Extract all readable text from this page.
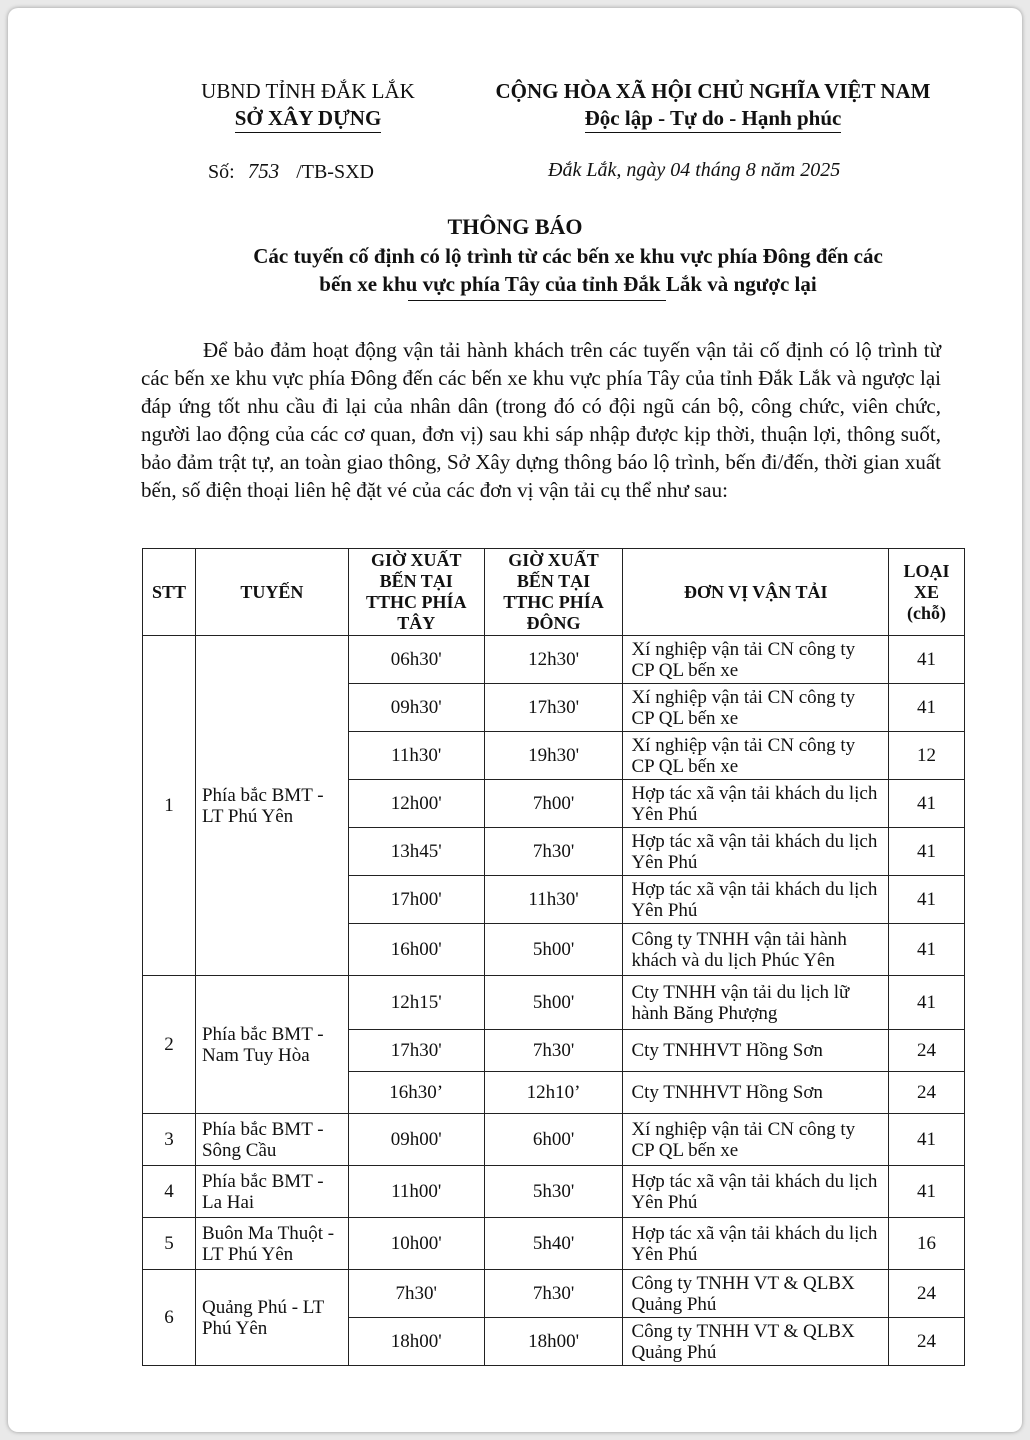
UBND TỈNH ĐẮK LẮK
SỞ XÂY DỰNG
CỘNG HÒA XÃ HỘI CHỦ NGHĨA VIỆT NAM
Độc lập - Tự do - Hạnh phúc
Số: 753 /TB-SXD	Đắk Lắk, ngày 04 tháng 8 năm 2025
THÔNG BÁO
Các tuyến cố định có lộ trình từ các bến xe khu vực phía Đông đến các
bến xe khu vực phía Tây của tỉnh Đắk Lắk và ngược lại
Để bảo đảm hoạt động vận tải hành khách trên các tuyến vận tải cố định có lộ trình từ các bến xe khu vực phía Đông đến các bến xe khu vực phía Tây của tỉnh Đắk Lắk và ngược lại đáp ứng tốt nhu cầu đi lại của nhân dân (trong đó có đội ngũ cán bộ, công chức, viên chức, người lao động của các cơ quan, đơn vị) sau khi sáp nhập được kịp thời, thuận lợi, thông suốt, bảo đảm trật tự, an toàn giao thông, Sở Xây dựng thông báo lộ trình, bến đi/đến, thời gian xuất bến, số điện thoại liên hệ đặt vé của các đơn vị vận tải cụ thể như sau:
STT	TUYẾN	GIỜ XUẤT BẾN TẠI TTHC PHÍA TÂY	GIỜ XUẤT BẾN TẠI TTHC PHÍA ĐÔNG	ĐƠN VỊ VẬN TẢI	LOẠI XE (chỗ)
1	Phía bắc BMT - LT Phú Yên	06h30'	12h30'	Xí nghiệp vận tải CN công ty CP QL bến xe	41
		09h30'	17h30'	Xí nghiệp vận tải CN công ty CP QL bến xe	41
		11h30'	19h30'	Xí nghiệp vận tải CN công ty CP QL bến xe	12
		12h00'	7h00'	Hợp tác xã vận tải khách du lịch Yên Phú	41
		13h45'	7h30'	Hợp tác xã vận tải khách du lịch Yên Phú	41
		17h00'	11h30'	Hợp tác xã vận tải khách du lịch Yên Phú	41
		16h00'	5h00'	Công ty TNHH vận tải hành khách và du lịch Phúc Yên	41
2	Phía bắc BMT - Nam Tuy Hòa	12h15'	5h00'	Cty TNHH vận tải du lịch lữ hành Băng Phượng	41
		17h30'	7h30'	Cty TNHHVT Hồng Sơn	24
		16h30’	12h10’	Cty TNHHVT Hồng Sơn	24
3	Phía bắc BMT - Sông Cầu	09h00'	6h00'	Xí nghiệp vận tải CN công ty CP QL bến xe	41
4	Phía bắc BMT - La Hai	11h00'	5h30'	Hợp tác xã vận tải khách du lịch Yên Phú	41
5	Buôn Ma Thuột - LT Phú Yên	10h00'	5h40'	Hợp tác xã vận tải khách du lịch Yên Phú	16
6	Quảng Phú - LT Phú Yên	7h30'	7h30'	Công ty TNHH VT & QLBX Quảng Phú	24
		18h00'	18h00'	Công ty TNHH VT & QLBX Quảng Phú	24
